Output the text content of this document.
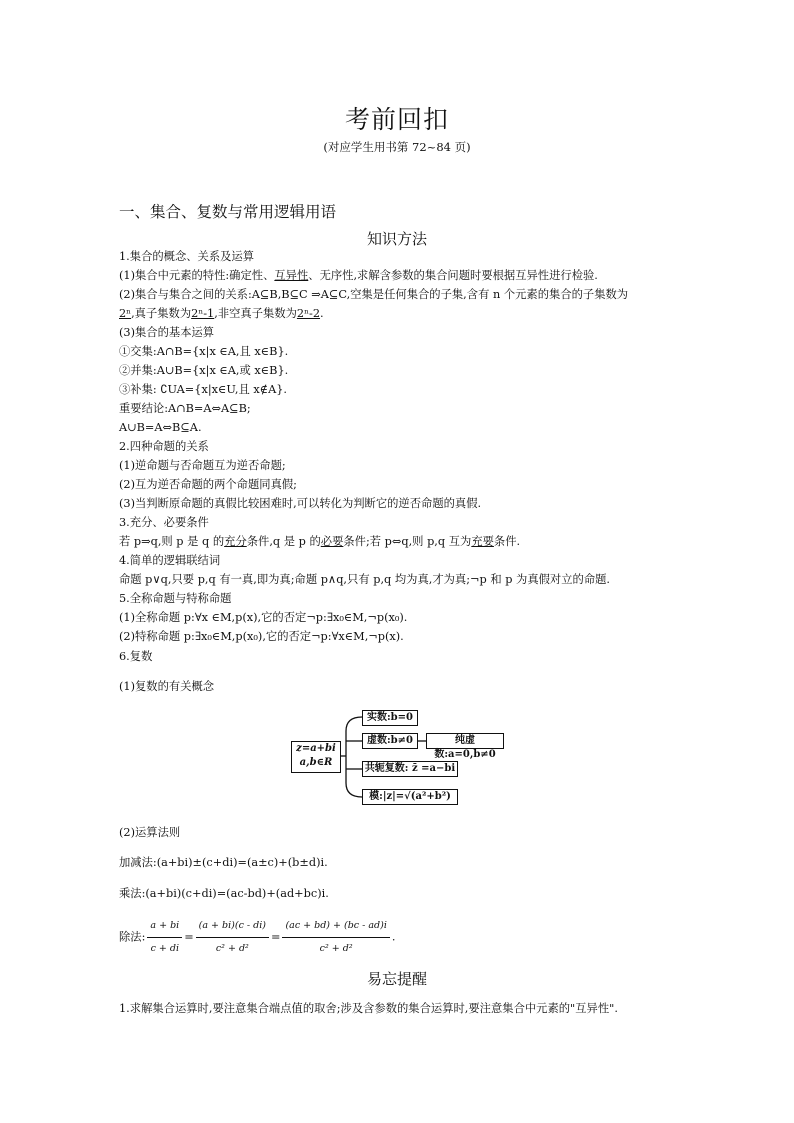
考前回扣
(对应学生用书第 72~84 页)
一、集合、复数与常用逻辑用语
知识方法
1.集合的概念、关系及运算
(1)集合中元素的特性:确定性、互异性、无序性,求解含参数的集合问题时要根据互异性进行检验.
(2)集合与集合之间的关系:A⊆B,B⊆C ⇒A⊆C,空集是任何集合的子集,含有 n 个元素的集合的子集数为
2ⁿ,真子集数为2ⁿ-1,非空真子集数为2ⁿ-2.
(3)集合的基本运算
①交集:A∩B={x|x ∈A,且 x∈B}.
②并集:A∪B={x|x ∈A,或 x∈B}.
③补集: ∁UA={x|x∈U,且 x∉A}.
重要结论:A∩B=A⇔A⊆B;
A∪B=A⇔B⊆A.
2.四种命题的关系
(1)逆命题与否命题互为逆否命题;
(2)互为逆否命题的两个命题同真假;
(3)当判断原命题的真假比较困难时,可以转化为判断它的逆否命题的真假.
3.充分、必要条件
若 p⇒q,则 p 是 q 的充分条件,q 是 p 的必要条件;若 p⇔q,则 p,q 互为充要条件.
4.简单的逻辑联结词
命题 p∨q,只要 p,q 有一真,即为真;命题 p∧q,只有 p,q 均为真,才为真;¬p 和 p 为真假对立的命题.
5.全称命题与特称命题
(1)全称命题 p:∀x ∈M,p(x),它的否定¬p:∃x₀∈M,¬p(x₀).
(2)特称命题 p:∃x₀∈M,p(x₀),它的否定¬p:∀x∈M,¬p(x).
6.复数
(1)复数的有关概念
z=a+bi
a,b∈R
实数:b=0
虚数:b≠0	纯虚数:a=0,b≠0
共轭复数: z̄ =a−bi
模:|z|=√(a²+b²)
(2)运算法则
加减法:(a+bi)±(c+di)=(a±c)+(b±d)i.
乘法:(a+bi)(c+di)=(ac-bd)+(ad+bc)i.
除法: $\frac{a + bi}{c + di} = \frac{(a + bi)(c - di)}{\text{c² + d²}} = \frac{(ac + bd) + (bc - ad)i}{\text{c² + d²}}$ .
易忘提醒
1.求解集合运算时,要注意集合端点值的取舍;涉及含参数的集合运算时,要注意集合中元素的"互异性".
